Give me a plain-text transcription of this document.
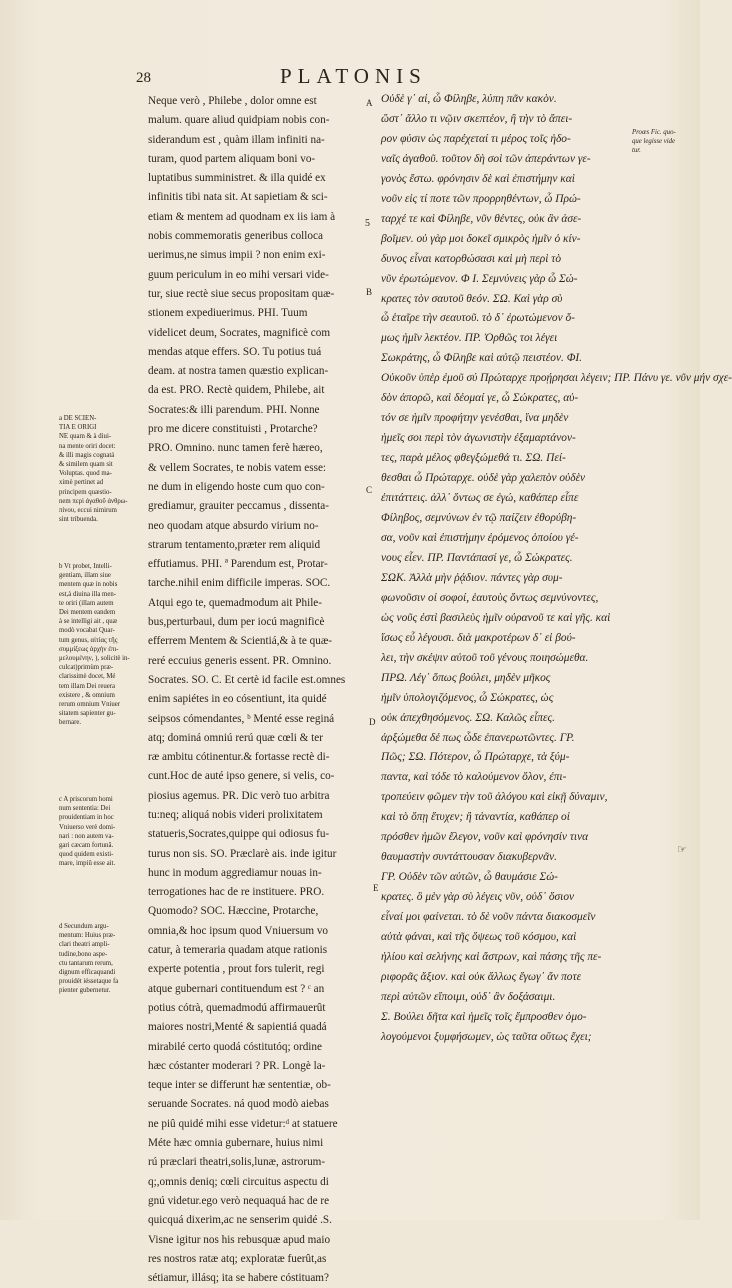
28	PLATONIS
Neque verò , Philebe , dolor omne est
malum. quare aliud quidpiam nobis con-
siderandum est , quàm illam infiniti na-
turam, quod partem aliquam boni vo-
luptatibus sumministret. & illa quidé ex
infinitis tibi nata sit. At sapietiam & sci-
etiam & mentem ad quodnam ex iis iam à
nobis commemoratis generibus colloca
uerimus,ne simus impii ? non enim exi-
guum periculum in eo mihi versari vide-
tur, siue rectè siue secus propositam quæ-
stionem expediuerimus. PHI. Tuum
videlicet deum, Socrates, magnificè com
mendas atque effers. SO. Tu potius tuá
deam. at nostra tamen quæstio explican-
da est. PRO. Rectè quidem, Philebe, ait
Socrates:& illi parendum. PHI. Nonne
pro me dicere constituisti , Protarche?
PRO. Omnino. nunc tamen ferè hæreo,
& vellem Socrates, te nobis vatem esse:
ne dum in eligendo hoste cum quo con-
grediamur, grauiter peccamus , dissenta-
neo quodam atque absurdo virium no-
strarum tentamento,præter rem aliquid
effutiamus. PHI. ª Parendum est, Protar-
tarche.nihil enim difficile imperas. SOC.
Atqui ego te, quemadmodum ait Phile-
bus,perturbaui, dum per iocú magnificè
efferrem Mentem & Scientiá,& à te quæ-
reré eccuius generis essent. PR. Omnino.
Socrates. SO. C. Et certè id facile est.omnes
enim sapiétes in eo cósentiunt, ita quidé
seipsos cómendantes, ᵇ Menté esse reginá
atq; dominá omniú rerú quæ cœli & ter
ræ ambitu cótinentur.& fortasse rectè di-
cunt.Hoc de auté ipso genere, si velis, co-
piosius agemus. PR. Dic verò tuo arbitra
tu:neq; aliquá nobis videri prolixitatem
statueris,Socrates,quippe qui odiosus fu-
turus non sis. SO. Præclarè ais. inde igitur
hunc in modum aggrediamur nouas in-
terrogationes hac de re instituere. PRO.
Quomodo? SOC. Hæccine, Protarche,
omnia,& hoc ipsum quod Vniuersum vo
catur, à temeraria quadam atque rationis
experte potentia , prout fors tulerit, regi
atque gubernari contituendum est ? ᶜ an
potius cótrà, quemadmodú affirmauerût
maiores nostri,Menté & sapientiá quadá
mirabilé certo quodá cóstitutóq; ordine
hæc cóstanter moderari ? PR. Longè la-
teque inter se differunt hæ sententiæ, ob-
seruande Socrates. ná quod modò aiebas
ne piû quidé mihi esse videtur:ᵈ at statuere
Méte hæc omnia gubernare, huius nimi
rú præclari theatri,solis,lunæ, astrorum-
q;,omnis deniq; cœli circuitus aspectu di
gnú videtur.ego verò nequaquá hac de re
quicquá dixerim,ac ne senserim quidé .S.
Visne igitur nos his rebusquæ apud maio
res nostros ratæ atq; exploratæ fuerût,as
sétiamur, illásq; ita se habere cóstituam?
a DE SCIEN-
TIA E ORIGI
NE quam & à diui-
na mente oriri docet:
& illi magis cognatá
& similem quam sit
Voluptas. quod ma-
ximè pertinet ad
principem quæstio-
nem περὶ ἀγαθοῦ ἀνθρω-
πίνου, eccui nimirum
sint tribuenda.
b Vt probet, Intelli-
gentiam, illam siue
mentem quæ in nobis
est,à diuina illa men-
te oriri (illam autem
Dei mentem eandem
à se intelligi ait , quæ
modò vocabat Quar-
tum genus, αἰτίας τῆς
συμμίξεως ἀρχὴν ἐπι-
μελουμένην, ), solicitè in-
culcat)primùm præ-
clarissimè docet, Mé
tem illam Dei reuera
existere , & omnium
rerum omnium Vniuer
sitatem sapienter gu-
bernare.
c A priscorum homi
num sententia: Dei
prouidentiam in hoc
Vniuerso verè domi-
nari : non autem va-
gari cæcam fortunâ.
quod quidem existi-
mare, impiû esse ait.
d Secundum argu-
mentum: Huius præ-
clari theatri ampli-
tudine,bono aspe-
ctu tantarum rerum,
dignum efficaquandi
prouidét iéssetaque fa
pienter gubernetur.
5
A
B
C
D
E
Οὐδὲ γ᾽ αἱ, ὦ Φίληβε, λύπη πᾶν κακὸν.
ὥστ᾽ ἄλλο τι νῷιν σκεπτέον, ἢ τὴν τὸ ἄπει-
ρον φύσιν ὡς παρέχεταί τι μέρος τοῖς ἡδο-
ναῖς ἀγαθοῦ. τοῦτον δὴ σοὶ τῶν ἀπεράντων γε-
γονὸς ἔστω. φρόνησιν δὲ καὶ ἐπιστήμην καὶ
νοῦν εἰς τί ποτε τῶν προρρηθέντων, ὦ Πρώ-
ταρχέ τε καὶ Φίληβε, νῦν θέντες, οὐκ ἂν ἀσε-
βοῖμεν. οὐ γὰρ μοι δοκεῖ σμικρὸς ἡμῖν ὁ κίν-
δυνος εἶναι κατορθώσασι καὶ μὴ περὶ τὸ
νῦν ἐρωτώμενον. Φ Ι. Σεμνύνεις γὰρ ὦ Σώ-
κρατες τὸν σαυτοῦ θεόν. ΣΩ. Καὶ γὰρ σὺ
ὦ ἑταῖρε τὴν σεαυτοῦ. τὸ δ᾽ ἐρωτώμενον ὅ-
μως ἡμῖν λεκτέον. ΠΡ. Ὀρθῶς τοι λέγει
Σωκράτης, ὦ Φίληβε καὶ αὐτῷ πειστέον. ΦΙ.
Οὐκοῦν ὑπὲρ ἐμοῦ σύ Πρώταρχε προῄρησαι λέγειν; ΠΡ. Πάνυ γε. νῦν μήν σχε-
δὸν ἀπορῶ, καὶ δέομαί γε, ὦ Σώκρατες, αὐ-
τόν σε ἡμῖν προφήτην γενέσθαι, ἵνα μηδὲν
ἡμεῖς σοι περὶ τὸν ἀγωνιστὴν ἐξαμαρτάνον-
τες, παρὰ μέλος φθεγξώμεθά τι. ΣΩ. Πεί-
θεσθαι ὦ Πρώταρχε. οὐδὲ γὰρ χαλεπὸν οὐδὲν
ἐπιτάττεις. ἀλλ᾽ ὄντως σε ἐγώ, καθάπερ εἶπε
Φίληβος, σεμνύνων ἐν τῷ παίζειν ἐθορύβη-
σα, νοῦν καὶ ἐπιστήμην ἐρόμενος ὁποίου γέ-
νους εἶεν. ΠΡ. Παντάπασί γε, ὦ Σώκρατες.
ΣΩΚ. Ἀλλὰ μὴν ῥᾴδιον. πάντες γὰρ συμ-
φωνοῦσιν οἱ σοφοί, ἑαυτοὺς ὄντως σεμνύνοντες,
ὡς νοῦς ἐστὶ βασιλεὺς ἡμῖν οὐρανοῦ τε καὶ γῆς. καὶ
ἴσως εὖ λέγουσι. διὰ μακροτέρων δ᾽ εἰ βού-
λει, τὴν σκέψιν αὐτοῦ τοῦ γένους ποιησώμεθα.
ΠΡΩ. Λέγ᾽ ὅπως βούλει, μηδὲν μῆκος
ἡμῖν ὑπολογιζόμενος, ὦ Σώκρατες, ὡς
οὐκ ἀπεχθησόμενος. ΣΩ. Καλῶς εἶπες.
ἀρξώμεθα δέ πως ὧδε ἐπανερωτῶντες. ΓΡ.
Πῶς; ΣΩ. Πότερον, ὦ Πρώταρχε, τὰ ξύμ-
παντα, καὶ τόδε τὸ καλούμενον ὅλον, ἐπι-
τροπεύειν φῶμεν τὴν τοῦ ἀλόγου καὶ εἰκῇ δύναμιν,
καὶ τὸ ὅπῃ ἔτυχεν; ἢ τἀναντία, καθάπερ οἱ
πρόσθεν ἡμῶν ἔλεγον, νοῦν καὶ φρόνησίν τινα
θαυμαστὴν συντάττουσαν διακυβερνᾶν.
ΓΡ. Οὐδὲν τῶν αὐτῶν, ὦ θαυμάσιε Σώ-
κρατες. ὃ μὲν γὰρ σὺ λέγεις νῦν, οὐδ᾽ ὅσιον
εἶναί μοι φαίνεται. τὸ δὲ νοῦν πάντα διακοσμεῖν
αὐτὰ φάναι, καὶ τῆς ὄψεως τοῦ κόσμου, καὶ
ἡλίου καὶ σελήνης καὶ ἄστρων, καὶ πάσης τῆς πε-
ριφορᾶς ἄξιον. καὶ οὐκ ἄλλως ἔγωγ᾽ ἄν ποτε
περὶ αὐτῶν εἴποιμι, οὐδ᾽ ἂν δοξάσαιμι.
Σ. Βούλει δῆτα καὶ ἡμεῖς τοῖς ἔμπροσθεν ὁμο-
λογούμενοι ξυμφήσωμεν, ὡς ταῦτα οὕτως ἔχει;
Proæs Fic. quo-
que legisse vide
tur.
☞
